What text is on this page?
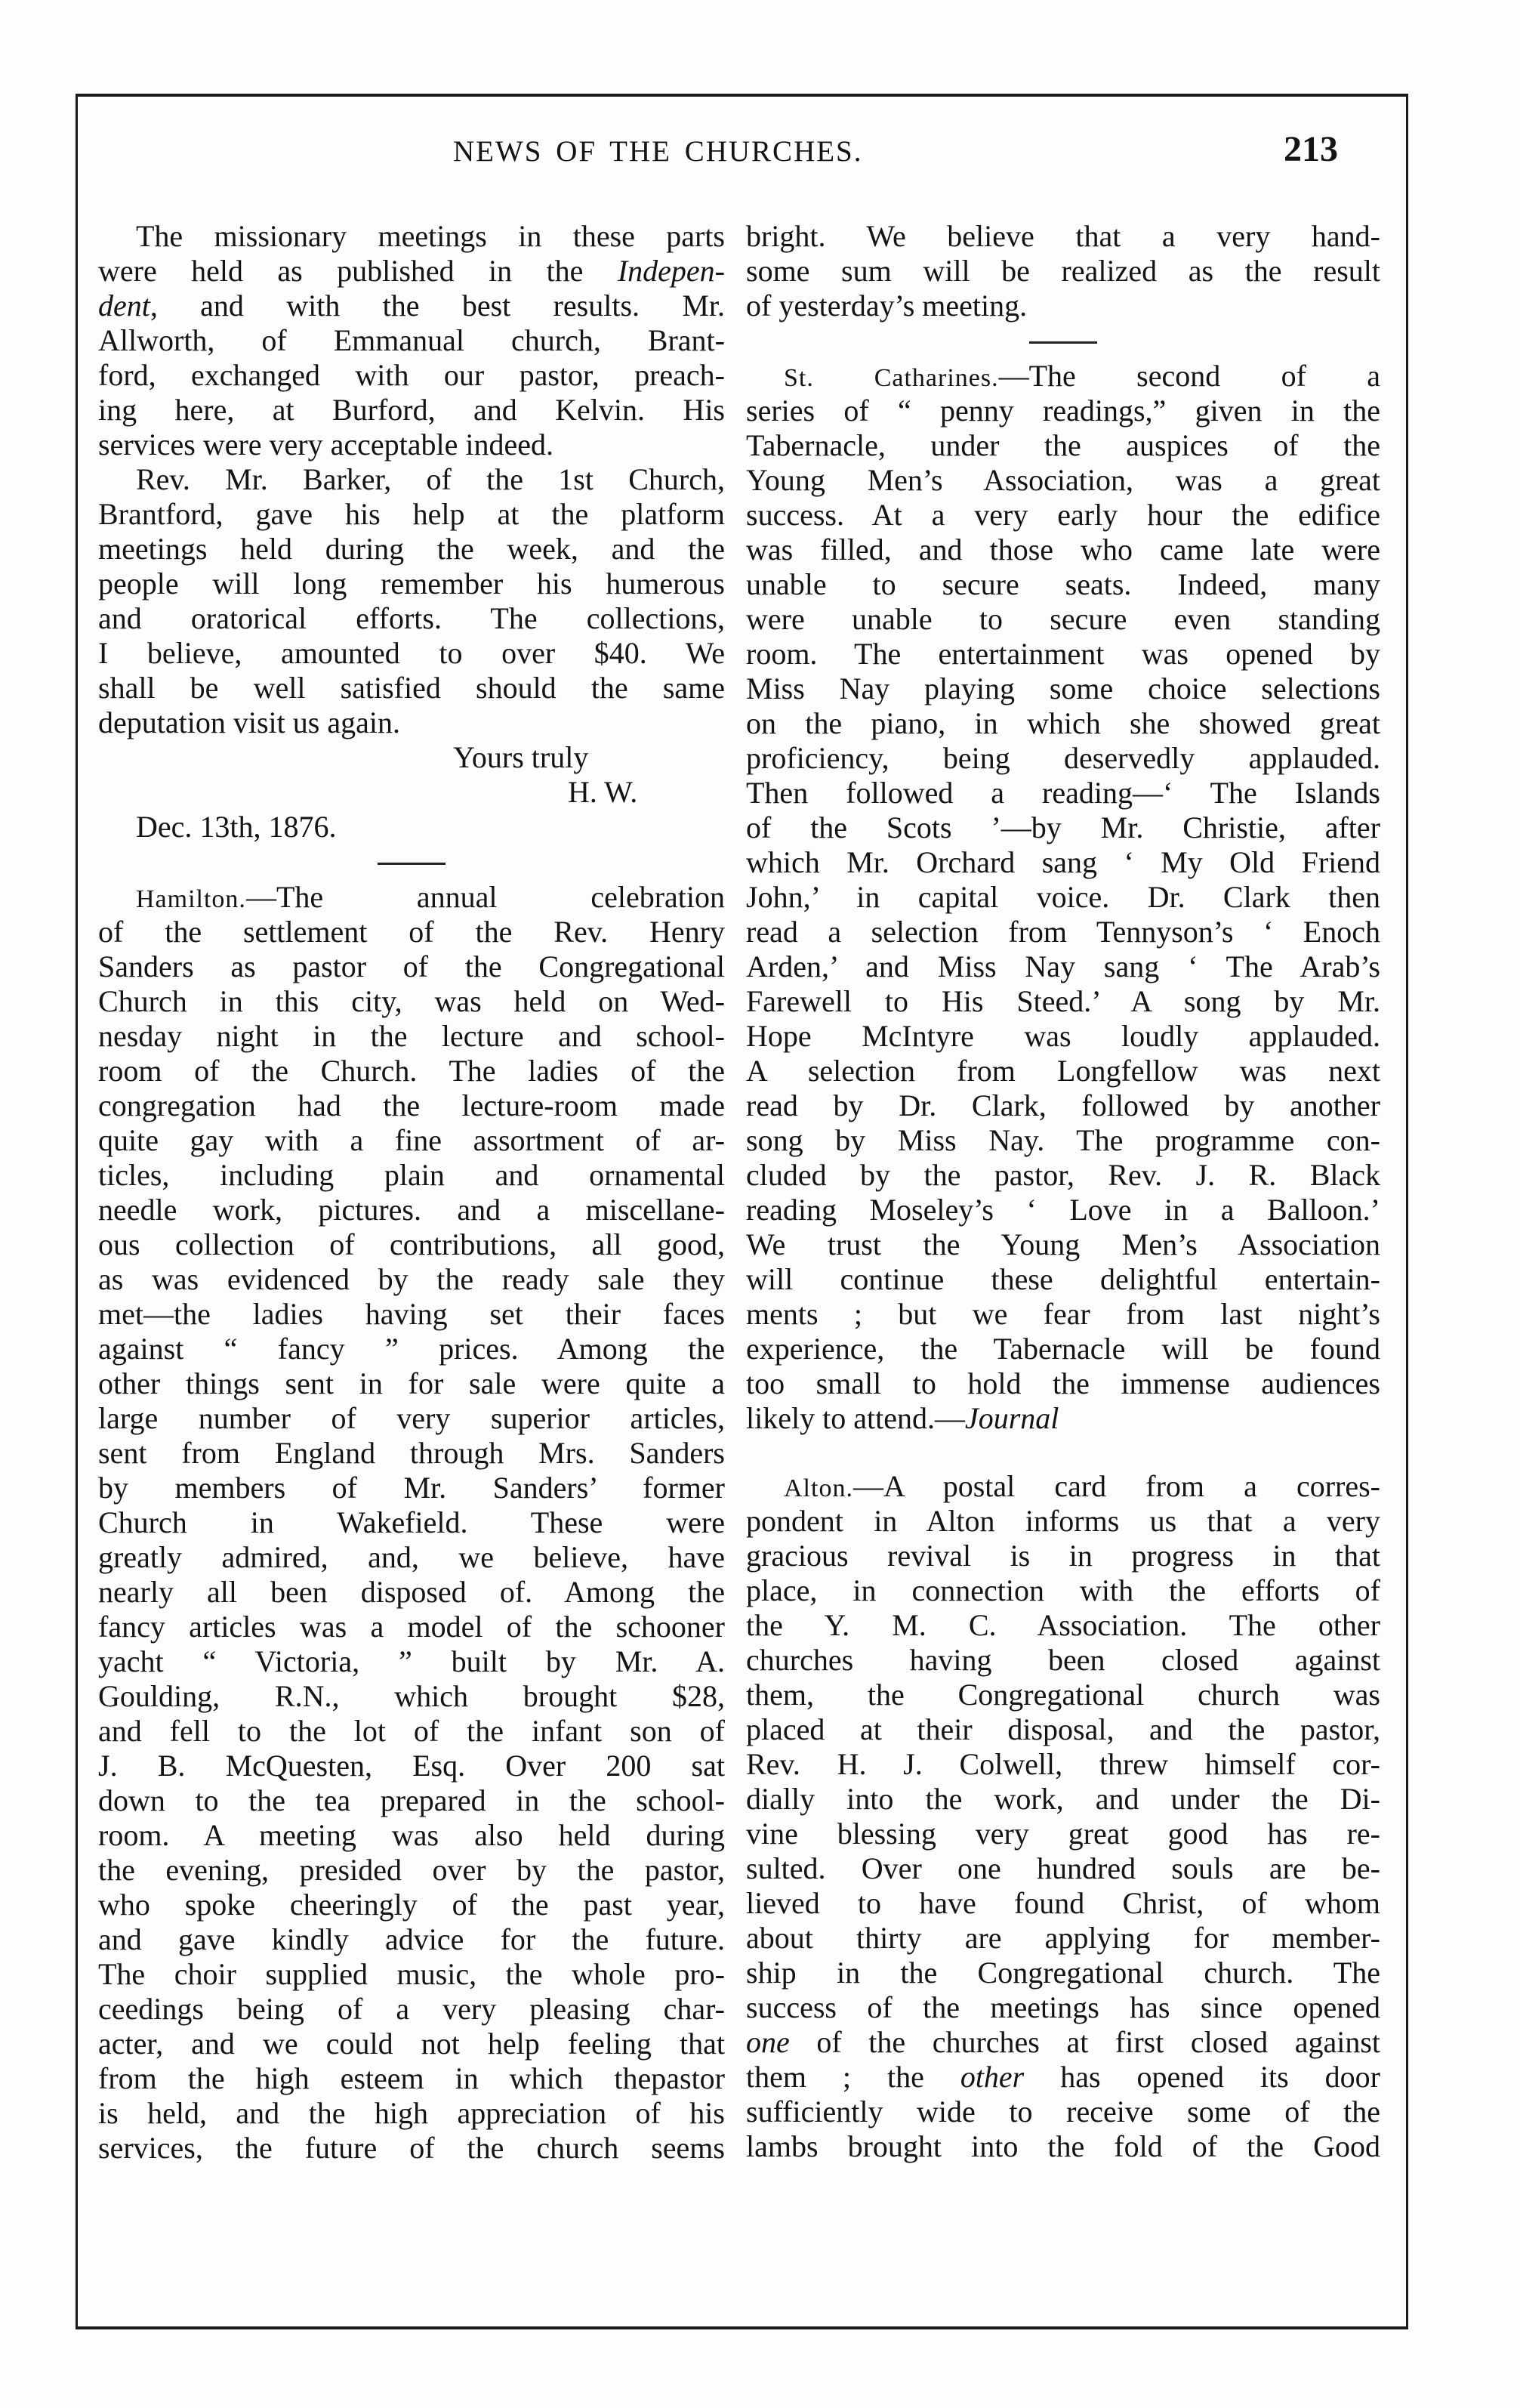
NEWS OF THE CHURCHES.	213
The missionary meetings in these parts
were held as published in the Indepen-
dent, and with the best results. Mr.
Allworth, of Emmanual church, Brant-
ford, exchanged with our pastor, preach-
ing here, at Burford, and Kelvin. His
services were very acceptable indeed.
Rev. Mr. Barker, of the 1st Church,
Brantford, gave his help at the platform
meetings held during the week, and the
people will long remember his humerous
and oratorical efforts. The collections,
I believe, amounted to over $40. We
shall be well satisfied should the same
deputation visit us again.
Yours truly
H. W.
Dec. 13th, 1876.
Hamilton.—The annual celebration
of the settlement of the Rev. Henry
Sanders as pastor of the Congregational
Church in this city, was held on Wed-
nesday night in the lecture and school-
room of the Church. The ladies of the
congregation had the lecture-room made
quite gay with a fine assortment of ar-
ticles, including plain and ornamental
needle work, pictures. and a miscellane-
ous collection of contributions, all good,
as was evidenced by the ready sale they
met—the ladies having set their faces
against “ fancy ” prices. Among the
other things sent in for sale were quite a
large number of very superior articles,
sent from England through Mrs. Sanders
by members of Mr. Sanders’ former
Church in Wakefield. These were
greatly admired, and, we believe, have
nearly all been disposed of. Among the
fancy articles was a model of the schooner
yacht “ Victoria, ” built by Mr. A.
Goulding, R.N., which brought $28,
and fell to the lot of the infant son of
J. B. McQuesten, Esq. Over 200 sat
down to the tea prepared in the school-
room. A meeting was also held during
the evening, presided over by the pastor,
who spoke cheeringly of the past year,
and gave kindly advice for the future.
The choir supplied music, the whole pro-
ceedings being of a very pleasing char-
acter, and we could not help feeling that
from the high esteem in which thepastor
is held, and the high appreciation of his
services, the future of the church seems
bright. We believe that a very hand-
some sum will be realized as the result
of yesterday’s meeting.
St. Catharines.—The second of a
series of “ penny readings,” given in the
Tabernacle, under the auspices of the
Young Men’s Association, was a great
success. At a very early hour the edifice
was filled, and those who came late were
unable to secure seats. Indeed, many
were unable to secure even standing
room. The entertainment was opened by
Miss Nay playing some choice selections
on the piano, in which she showed great
proficiency, being deservedly applauded.
Then followed a reading—‘ The Islands
of the Scots ’—by Mr. Christie, after
which Mr. Orchard sang ‘ My Old Friend
John,’ in capital voice. Dr. Clark then
read a selection from Tennyson’s ‘ Enoch
Arden,’ and Miss Nay sang ‘ The Arab’s
Farewell to His Steed.’ A song by Mr.
Hope McIntyre was loudly applauded.
A selection from Longfellow was next
read by Dr. Clark, followed by another
song by Miss Nay. The programme con-
cluded by the pastor, Rev. J. R. Black
reading Moseley’s ‘ Love in a Balloon.’
We trust the Young Men’s Association
will continue these delightful entertain-
ments ; but we fear from last night’s
experience, the Tabernacle will be found
too small to hold the immense audiences
likely to attend.—Journal
Alton.—A postal card from a corres-
pondent in Alton informs us that a very
gracious revival is in progress in that
place, in connection with the efforts of
the Y. M. C. Association. The other
churches having been closed against
them, the Congregational church was
placed at their disposal, and the pastor,
Rev. H. J. Colwell, threw himself cor-
dially into the work, and under the Di-
vine blessing very great good has re-
sulted. Over one hundred souls are be-
lieved to have found Christ, of whom
about thirty are applying for member-
ship in the Congregational church. The
success of the meetings has since opened
one of the churches at first closed against
them ; the other has opened its door
sufficiently wide to receive some of the
lambs brought into the fold of the Good
